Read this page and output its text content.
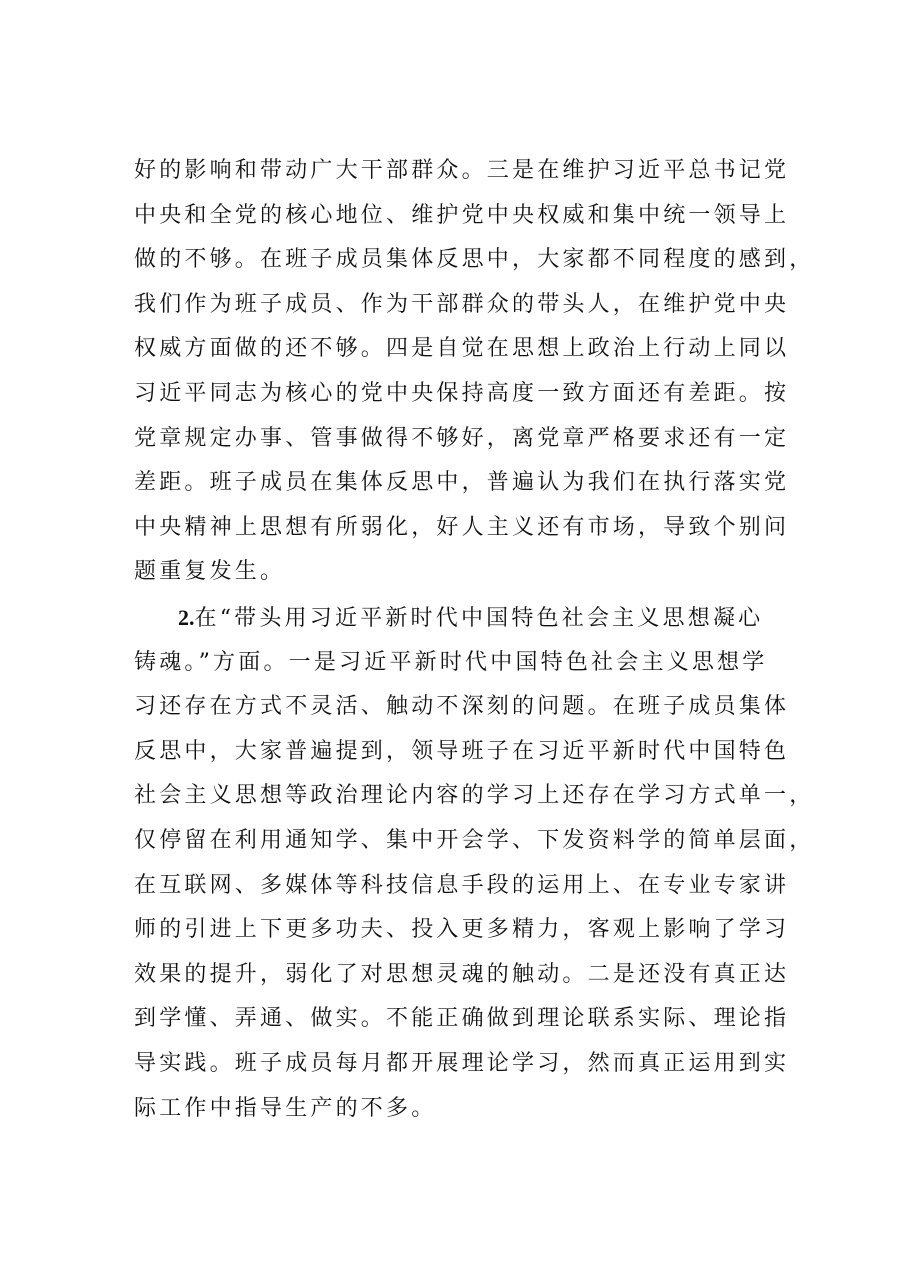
好的影响和带动广大干部群众。三是在维护习近平总书记党
中央和全党的核心地位、维护党中央权威和集中统一领导上
做的不够。在班子成员集体反思中，大家都不同程度的感到，
我们作为班子成员、作为干部群众的带头人，在维护党中央
权威方面做的还不够。四是自觉在思想上政治上行动上同以
习近平同志为核心的党中央保持高度一致方面还有差距。按
党章规定办事、管事做得不够好，离党章严格要求还有一定
差距。班子成员在集体反思中，普遍认为我们在执行落实党
中央精神上思想有所弱化，好人主义还有市场，导致个别问
题重复发生。
2.在“带头用习近平新时代中国特色社会主义思想凝心
铸魂。”方面。一是习近平新时代中国特色社会主义思想学
习还存在方式不灵活、触动不深刻的问题。在班子成员集体
反思中，大家普遍提到，领导班子在习近平新时代中国特色
社会主义思想等政治理论内容的学习上还存在学习方式单一，
仅停留在利用通知学、集中开会学、下发资料学的简单层面，
在互联网、多媒体等科技信息手段的运用上、在专业专家讲
师的引进上下更多功夫、投入更多精力，客观上影响了学习
效果的提升，弱化了对思想灵魂的触动。二是还没有真正达
到学懂、弄通、做实。不能正确做到理论联系实际、理论指
导实践。班子成员每月都开展理论学习，然而真正运用到实
际工作中指导生产的不多。
